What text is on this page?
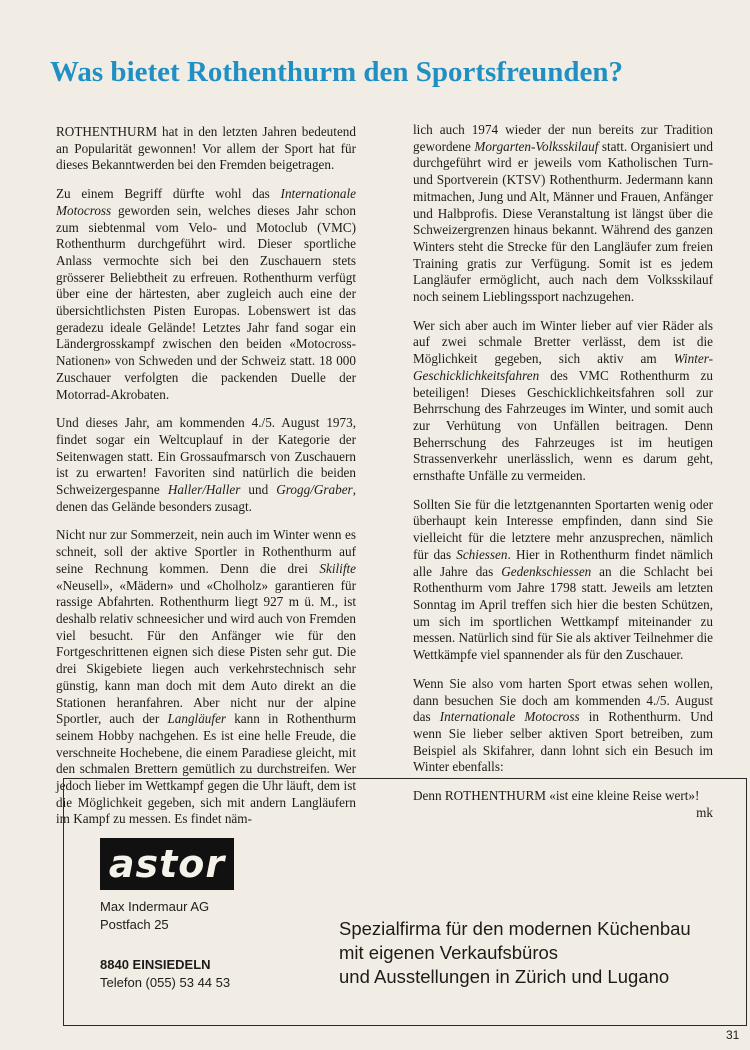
Was bietet Rothenthurm den Sportsfreunden?

ROTHENTHURM hat in den letzten Jahren bedeutend an Popularität gewonnen! Vor allem der Sport hat für dieses Bekanntwerden bei den Fremden beigetragen.

Zu einem Begriff dürfte wohl das Internationale Motocross geworden sein, welches dieses Jahr schon zum siebtenmal vom Velo- und Motoclub (VMC) Rothenthurm durchgeführt wird. Dieser sportliche Anlass vermochte sich bei den Zuschauern stets grösserer Beliebtheit zu erfreuen. Rothenthurm verfügt über eine der härtesten, aber zugleich auch eine der übersichtlichsten Pisten Europas. Lobenswert ist das geradezu ideale Gelände! Letztes Jahr fand sogar ein Ländergrosskampf zwischen den beiden «Motocross-Nationen» von Schweden und der Schweiz statt. 18 000 Zuschauer verfolgten die packenden Duelle der Motorrad-Akrobaten.

Und dieses Jahr, am kommenden 4./5. August 1973, findet sogar ein Weltcuplauf in der Kategorie der Seitenwagen statt. Ein Grossaufmarsch von Zuschauern ist zu erwarten! Favoriten sind natürlich die beiden Schweizergespanne Haller/Haller und Grogg/Graber, denen das Gelände besonders zusagt.

Nicht nur zur Sommerzeit, nein auch im Winter wenn es schneit, soll der aktive Sportler in Rothenthurm auf seine Rechnung kommen. Denn die drei Skilifte «Neusell», «Mädern» und «Cholholz» garantieren für rassige Abfahrten. Rothenthurm liegt 927 m ü. M., ist deshalb relativ schneesicher und wird auch von Fremden viel besucht. Für den Anfänger wie für den Fortgeschrittenen eignen sich diese Pisten sehr gut. Die drei Skigebiete liegen auch verkehrstechnisch sehr günstig, kann man doch mit dem Auto direkt an die Stationen heranfahren. Aber nicht nur der alpine Sportler, auch der Langläufer kann in Rothenthurm seinem Hobby nachgehen. Es ist eine helle Freude, die verschneite Hochebene, die einem Paradiese gleicht, mit den schmalen Brettern gemütlich zu durchstreifen. Wer jedoch lieber im Wettkampf gegen die Uhr läuft, dem ist die Möglichkeit gegeben, sich mit andern Langläufern im Kampf zu messen. Es findet näm-

lich auch 1974 wieder der nun bereits zur Tradition gewordene Morgarten-Volksskilauf statt. Organisiert und durchgeführt wird er jeweils vom Katholischen Turn- und Sportverein (KTSV) Rothenthurm. Jedermann kann mitmachen, Jung und Alt, Männer und Frauen, Anfänger und Halbprofis. Diese Veranstaltung ist längst über die Schweizergrenzen hinaus bekannt. Während des ganzen Winters steht die Strecke für den Langläufer zum freien Training gratis zur Verfügung. Somit ist es jedem Langläufer ermöglicht, auch nach dem Volksskilauf noch seinem Lieblingssport nachzugehen.

Wer sich aber auch im Winter lieber auf vier Räder als auf zwei schmale Bretter verlässt, dem ist die Möglichkeit gegeben, sich aktiv am Winter-Geschicklichkeitsfahren des VMC Rothenthurm zu beteiligen! Dieses Geschicklichkeitsfahren soll zur Behrrschung des Fahrzeuges im Winter, und somit auch zur Verhütung von Unfällen beitragen. Denn Beherrschung des Fahrzeuges ist im heutigen Strassenverkehr unerlässlich, wenn es darum geht, ernsthafte Unfälle zu vermeiden.

Sollten Sie für die letztgenannten Sportarten wenig oder überhaupt kein Interesse empfinden, dann sind Sie vielleicht für die letztere mehr anzusprechen, nämlich für das Schiessen. Hier in Rothenthurm findet nämlich alle Jahre das Gedenkschiessen an die Schlacht bei Rothenthurm vom Jahre 1798 statt. Jeweils am letzten Sonntag im April treffen sich hier die besten Schützen, um sich im sportlichen Wettkampf miteinander zu messen. Natürlich sind für Sie als aktiver Teilnehmer die Wettkämpfe viel spannender als für den Zuschauer.

Wenn Sie also vom harten Sport etwas sehen wollen, dann besuchen Sie doch am kommenden 4./5. August das Internationale Motocross in Rothenthurm. Und wenn Sie lieber selber aktiven Sport betreiben, zum Beispiel als Skifahrer, dann lohnt sich ein Besuch im Winter ebenfalls:

Denn ROTHENTHURM «ist eine kleine Reise wert»!

mk

astor
Max Indermaur AG
Postfach 25
8840 EINSIEDELN
Telefon (055) 53 44 53
Spezialfirma für den modernen Küchenbau
mit eigenen Verkaufsbüros
und Ausstellungen in Zürich und Lugano
31
